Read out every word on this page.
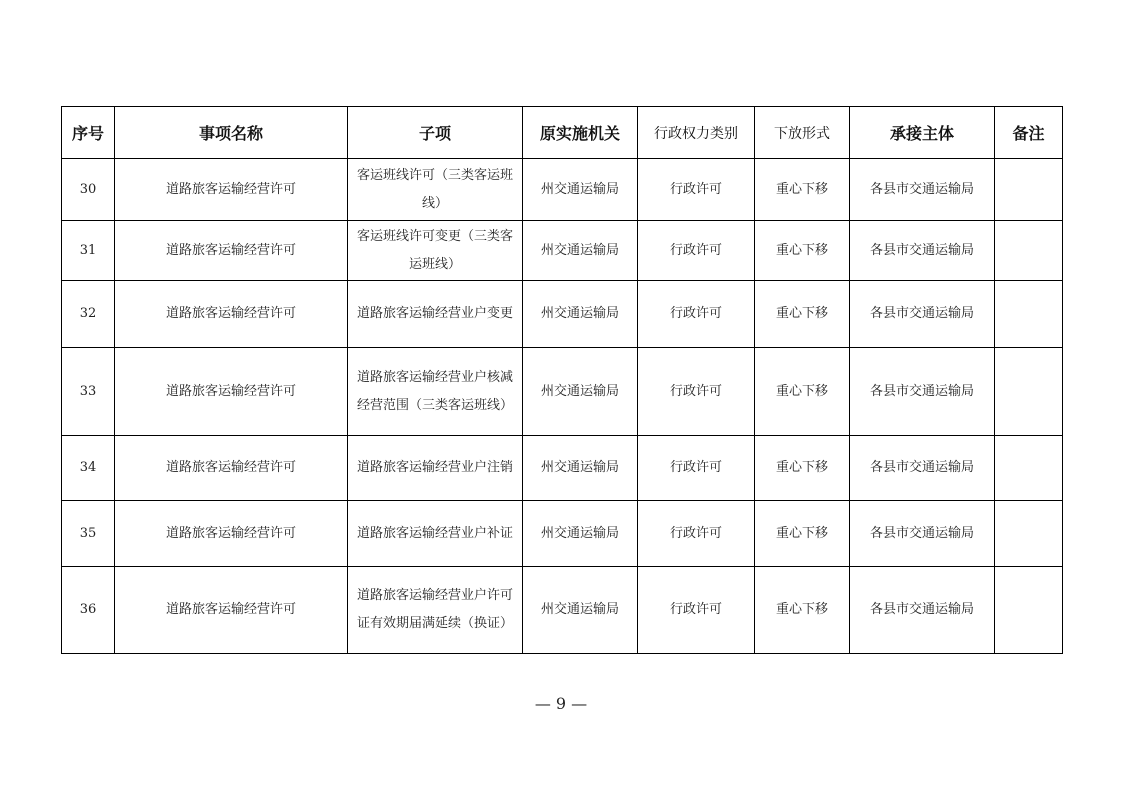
序号	事项名称	子项	原实施机关	行政权力类别	下放形式	承接主体	备注
30	道路旅客运输经营许可	客运班线许可（三类客运班线）	州交通运输局	行政许可	重心下移	各县市交通运输局	
31	道路旅客运输经营许可	客运班线许可变更（三类客运班线）	州交通运输局	行政许可	重心下移	各县市交通运输局	
32	道路旅客运输经营许可	道路旅客运输经营业户变更	州交通运输局	行政许可	重心下移	各县市交通运输局	
33	道路旅客运输经营许可	道路旅客运输经营业户核减经营范围（三类客运班线）	州交通运输局	行政许可	重心下移	各县市交通运输局	
34	道路旅客运输经营许可	道路旅客运输经营业户注销	州交通运输局	行政许可	重心下移	各县市交通运输局	
35	道路旅客运输经营许可	道路旅客运输经营业户补证	州交通运输局	行政许可	重心下移	各县市交通运输局	
36	道路旅客运输经营许可	道路旅客运输经营业户许可证有效期届满延续（换证）	州交通运输局	行政许可	重心下移	各县市交通运输局	
— 9 —
